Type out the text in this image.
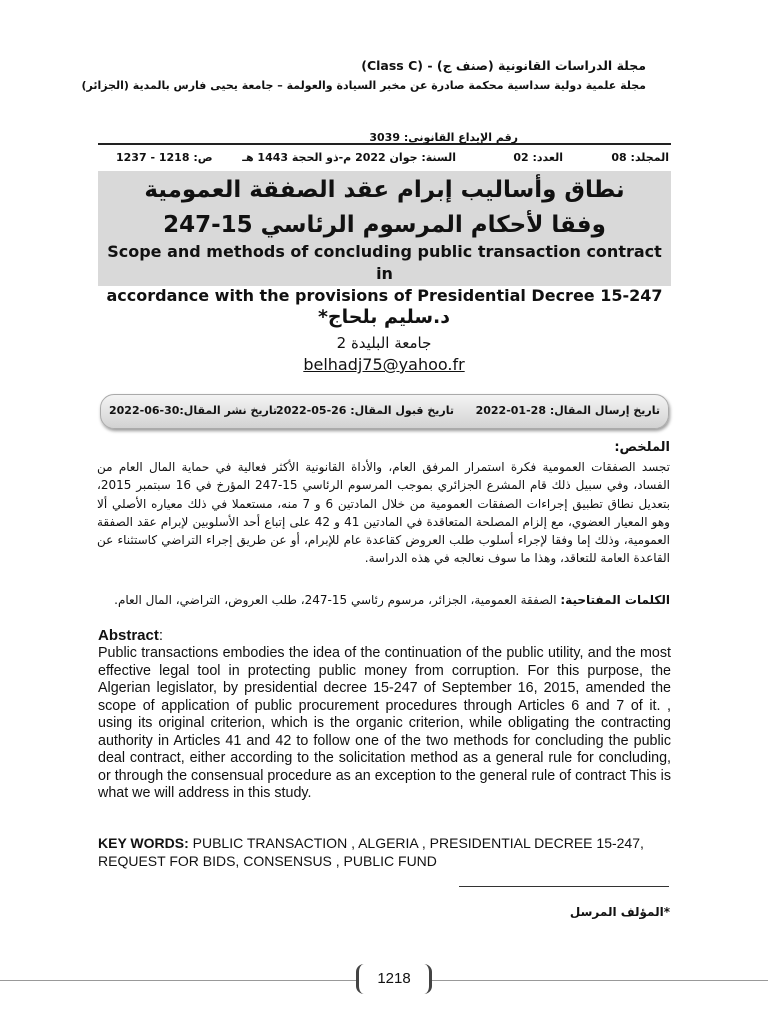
مجلة الدراسات القانونية (صنف ج) - (Class C)
مجلة علمية دولية سداسية محكمة صادرة عن مخبر السيادة والعولمة – جامعة يحيى فارس بالمدية (الجزائر)
رقم الإيداع القانوني: 3039
المجلد: 08
العدد: 02
السنة: جوان 2022 م-ذو الحجة 1443 هـ
ص: 1218 - 1237
نطاق وأساليب إبرام عقد الصفقة العمومية
وفقا لأحكام المرسوم الرئاسي 15-247
Scope and methods of concluding public transaction contract in
accordance with the provisions of Presidential Decree 15-247
د.سليم بلحاج*
جامعة البليدة 2
belhadj75@yahoo.fr
تاريخ إرسال المقال: 28-01-2022
تاريخ قبول المقال: 26-05-2022
تاريخ نشر المقال:30-06-2022
الملخص:
تجسد الصفقات العمومية فكرة استمرار المرفق العام، والأداة القانونية الأكثر فعالية في حماية المال العام من الفساد، وفي سبيل ذلك قام المشرع الجزائري بموجب المرسوم الرئاسي 15-247 المؤرخ في 16 سبتمبر 2015، بتعديل نطاق تطبيق إجراءات الصفقات العمومية من خلال المادتين 6 و 7 منه، مستعملا في ذلك معياره الأصلي ألا وهو المعيار العضوي، مع إلزام المصلحة المتعاقدة في المادتين 41 و 42 على إتباع أحد الأسلوبين لإبرام عقد الصفقة العمومية، وذلك إما وفقا لإجراء أسلوب طلب العروض كقاعدة عام للإبرام، أو عن طريق إجراء التراضي كاستثناء عن القاعدة العامة للتعاقد، وهذا ما سوف نعالجه في هذه الدراسة.
الكلمات المفتاحية: الصفقة العمومية، الجزائر، مرسوم رئاسي 15-247، طلب العروض، التراضي، المال العام.
Abstract:
Public transactions embodies the idea of the continuation of the public utility, and the most effective legal tool in protecting public money from corruption. For this purpose, the Algerian legislator, by presidential decree 15-247 of September 16, 2015, amended the scope of application of public procurement procedures through Articles 6 and 7 of it. , using its original criterion, which is the organic criterion, while obligating the contracting authority in Articles 41 and 42 to follow one of the two methods for concluding the public deal contract, either according to the solicitation method as a general rule for concluding, or through the consensual procedure as an exception to the general rule of contract This is what we will address in this study.
KEY WORDS: PUBLIC TRANSACTION , ALGERIA , PRESIDENTIAL DECREE 15-247, REQUEST FOR BIDS, CONSENSUS , PUBLIC FUND
*المؤلف المرسل
1218
